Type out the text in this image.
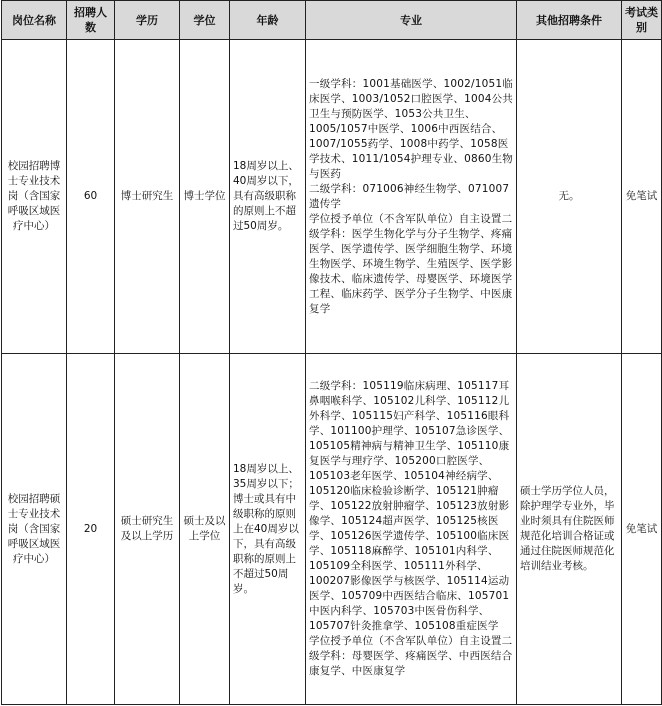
岗位名称	招聘人数	学历	学位	年龄	专业	其他招聘条件	考试类别
校园招聘博士专业技术岗（含国家呼吸区域医疗中心）	60	博士研究生	博士学位	18周岁以上、40周岁以下，具有高级职称的原则上不超过50周岁。	一级学科：1001基础医学、1002/1051临床医学、1003/1052口腔医学、1004公共卫生与预防医学、1053公共卫生、1005/1057中医学、1006中西医结合、1007/1055药学、1008中药学、1058医学技术、1011/1054护理专业、0860生物与医药
二级学科：071006神经生物学、071007遗传学
学位授予单位（不含军队单位）自主设置二级学科：医学生物化学与分子生物学、疼痛医学、医学遗传学、医学细胞生物学、环境生物医学、环境生物学、生殖医学、医学影像技术、临床遗传学、母婴医学、环境医学工程、临床药学、医学分子生物学、中医康复学	无。	免笔试
校园招聘硕士专业技术岗（含国家呼吸区域医疗中心）	20	硕士研究生及以上学历	硕士及以上学位	18周岁以上、35周岁以下；博士或具有中级职称的原则上在40周岁以下，具有高级职称的原则上不超过50周岁。	二级学科：105119临床病理、105117耳鼻咽喉科学、105102儿科学、105112儿外科学、105115妇产科学、105116眼科学、101100护理学、105107急诊医学、105105精神病与精神卫生学、105110康复医学与理疗学、105200口腔医学、105103老年医学、105104神经病学、105120临床检验诊断学、105121肿瘤学、105122放射肿瘤学、105123放射影像学、105124超声医学、105125核医学、105126医学遗传学、105100临床医学、105118麻醉学、105101内科学、105109全科医学、105111外科学、100207影像医学与核医学、105114运动医学、105709中西医结合临床、105701中医内科学、105703中医骨伤科学、105707针灸推拿学、105108重症医学
学位授予单位（不含军队单位）自主设置二级学科：母婴医学、疼痛医学、中西医结合康复学、中医康复学	硕士学历学位人员，除护理学专业外，毕业时须具有住院医师规范化培训合格证或通过住院医师规范化培训结业考核。	免笔试
